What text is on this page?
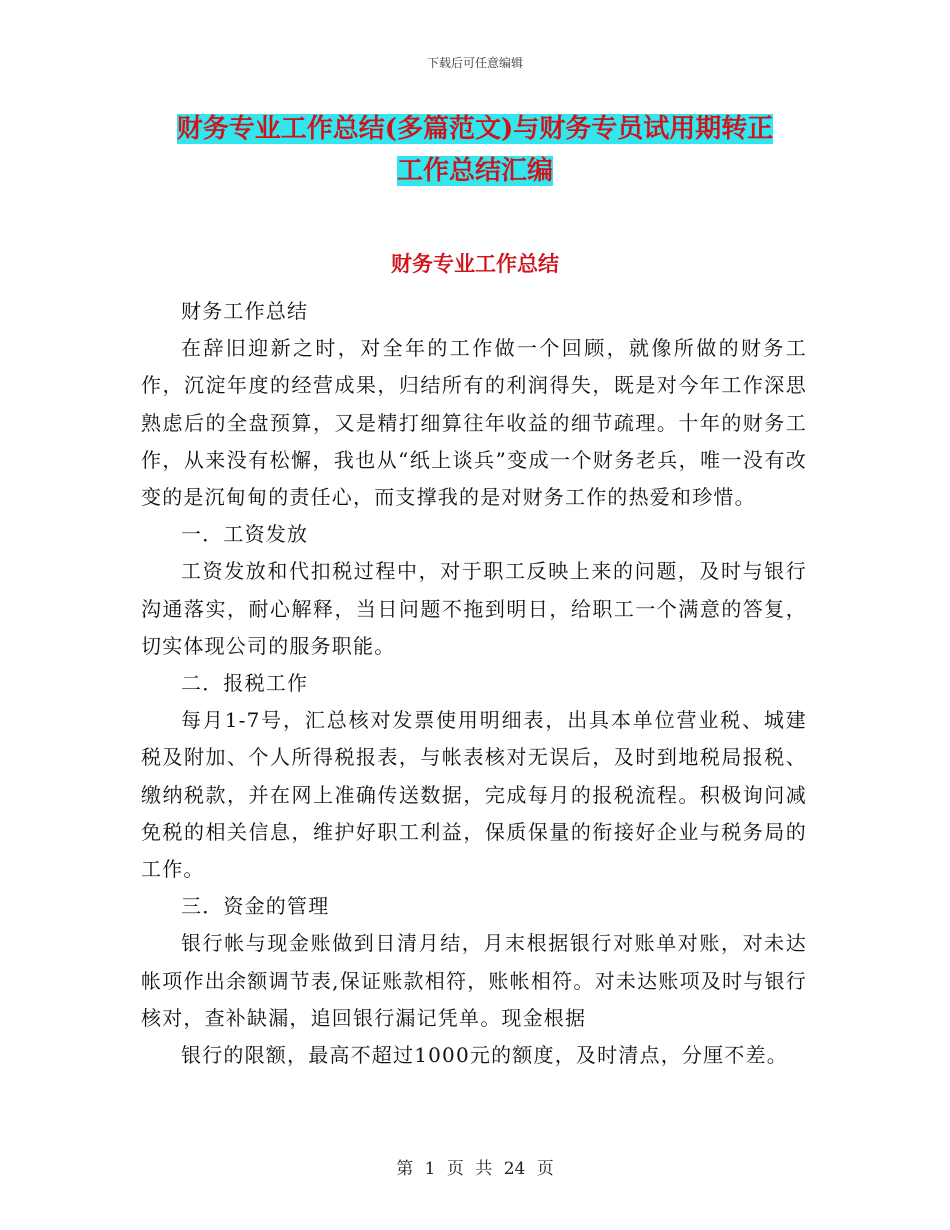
下载后可任意编辑
财务专业工作总结(多篇范文)与财务专员试用期转正
工作总结汇编
财务专业工作总结

财务工作总结

在辞旧迎新之时，对全年的工作做一个回顾，就像所做的财务工作，沉淀年度的经营成果，归结所有的利润得失，既是对今年工作深思熟虑后的全盘预算，又是精打细算往年收益的细节疏理。十年的财务工作，从来没有松懈，我也从“纸上谈兵”变成一个财务老兵，唯一没有改变的是沉甸甸的责任心，而支撑我的是对财务工作的热爱和珍惜。

一．工资发放

工资发放和代扣税过程中，对于职工反映上来的问题，及时与银行沟通落实，耐心解释，当日问题不拖到明日，给职工一个满意的答复，切实体现公司的服务职能。

二．报税工作

每月1-7号，汇总核对发票使用明细表，出具本单位营业税、城建税及附加、个人所得税报表，与帐表核对无误后，及时到地税局报税、缴纳税款，并在网上准确传送数据，完成每月的报税流程。积极询问减免税的相关信息，维护好职工利益，保质保量的衔接好企业与税务局的工作。

三．资金的管理

银行帐与现金账做到日清月结，月末根据银行对账单对账，对未达帐项作出余额调节表,保证账款相符，账帐相符。对未达账项及时与银行核对，查补缺漏，追回银行漏记凭单。现金根据

银行的限额，最高不超过1000元的额度，及时清点，分厘不差。

第 1 页 共 24 页
